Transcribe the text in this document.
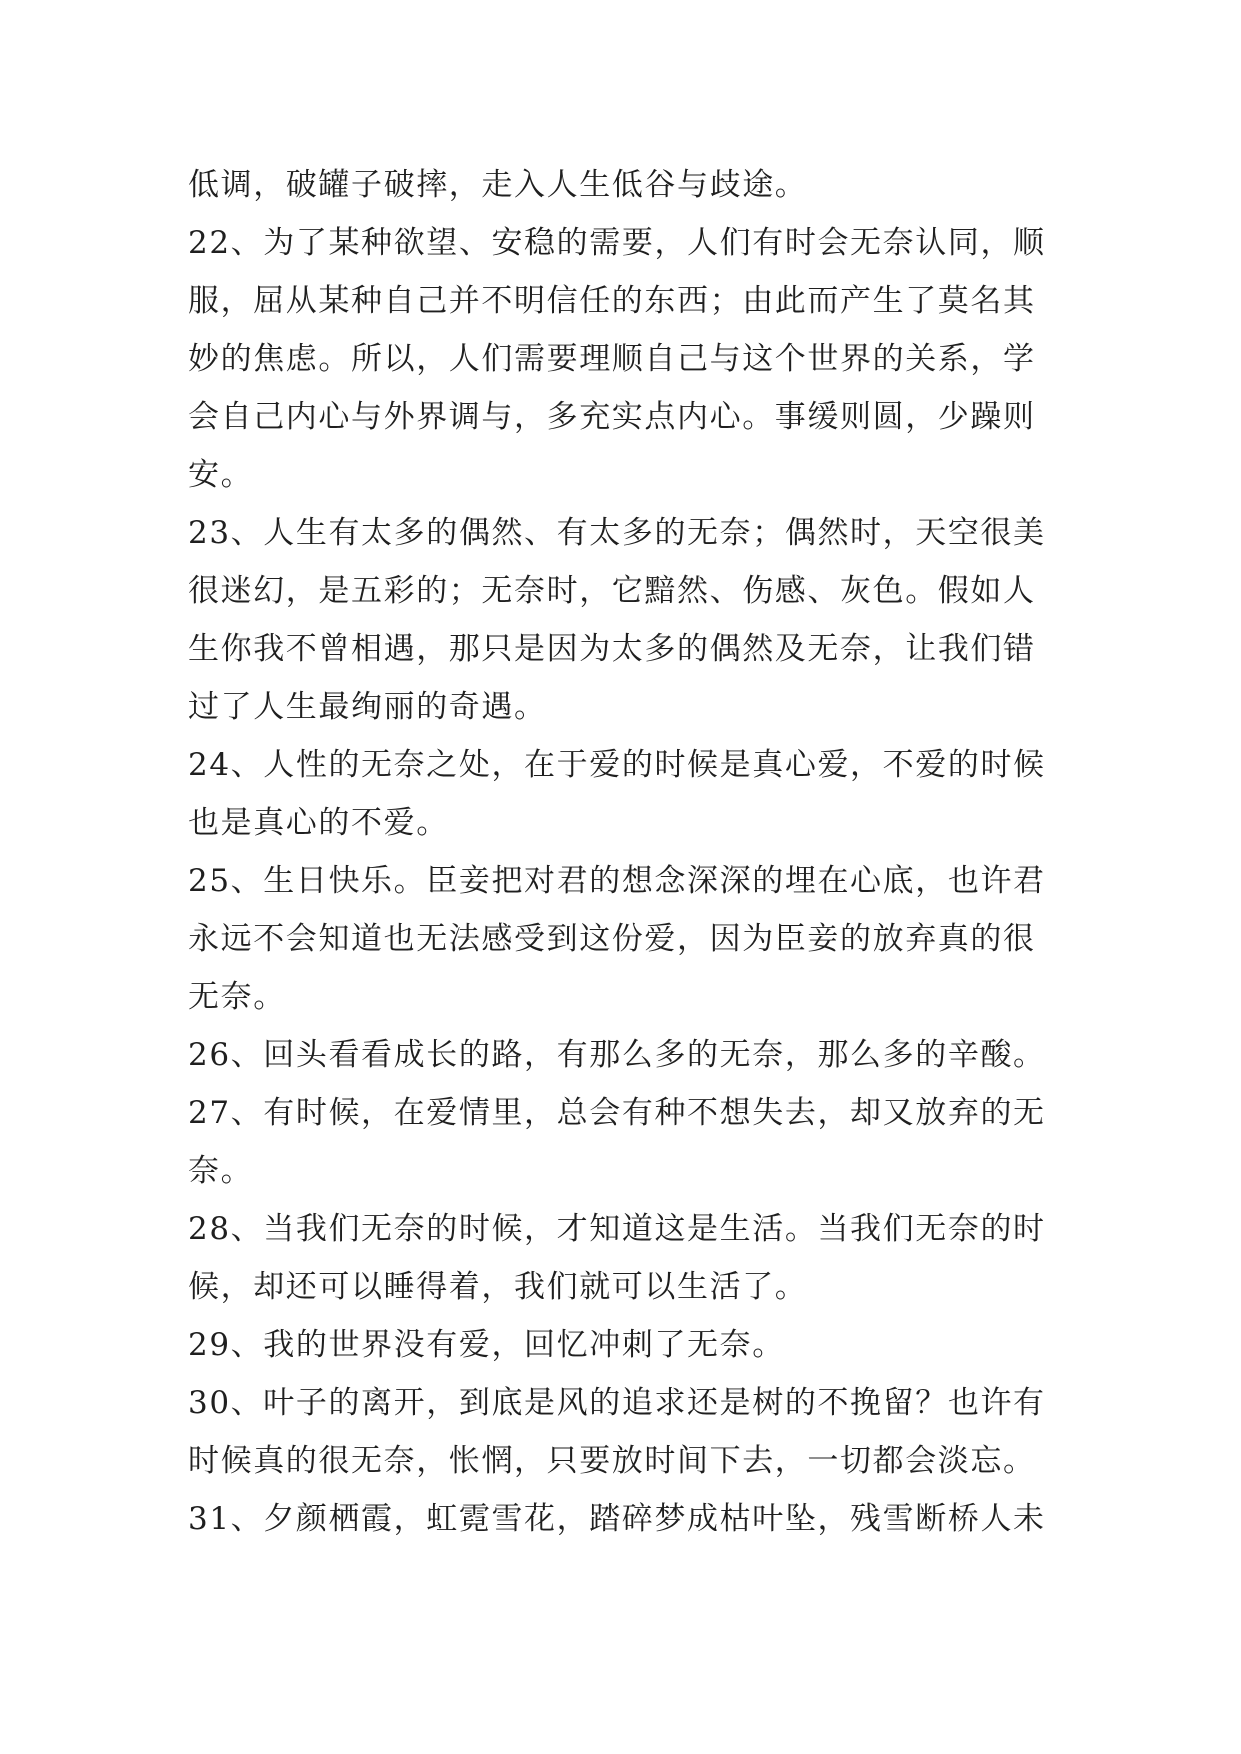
低调，破罐子破摔，走入人生低谷与歧途。
22、为了某种欲望、安稳的需要，人们有时会无奈认同，顺
服，屈从某种自己并不明信任的东西；由此而产生了莫名其
妙的焦虑。所以，人们需要理顺自己与这个世界的关系，学
会自己内心与外界调与，多充实点内心。事缓则圆，少躁则
安。
23、人生有太多的偶然、有太多的无奈；偶然时，天空很美
很迷幻，是五彩的；无奈时，它黯然、伤感、灰色。假如人
生你我不曾相遇，那只是因为太多的偶然及无奈，让我们错
过了人生最绚丽的奇遇。
24、人性的无奈之处，在于爱的时候是真心爱，不爱的时候
也是真心的不爱。
25、生日快乐。臣妾把对君的想念深深的埋在心底，也许君
永远不会知道也无法感受到这份爱，因为臣妾的放弃真的很
无奈。
26、回头看看成长的路，有那么多的无奈，那么多的辛酸。
27、有时候，在爱情里，总会有种不想失去，却又放弃的无
奈。
28、当我们无奈的时候，才知道这是生活。当我们无奈的时
候，却还可以睡得着，我们就可以生活了。
29、我的世界没有爱，回忆冲刺了无奈。
30、叶子的离开，到底是风的追求还是树的不挽留？也许有
时候真的很无奈，怅惘，只要放时间下去，一切都会淡忘。
31、夕颜栖霞，虹霓雪花，踏碎梦成枯叶坠，残雪断桥人未
